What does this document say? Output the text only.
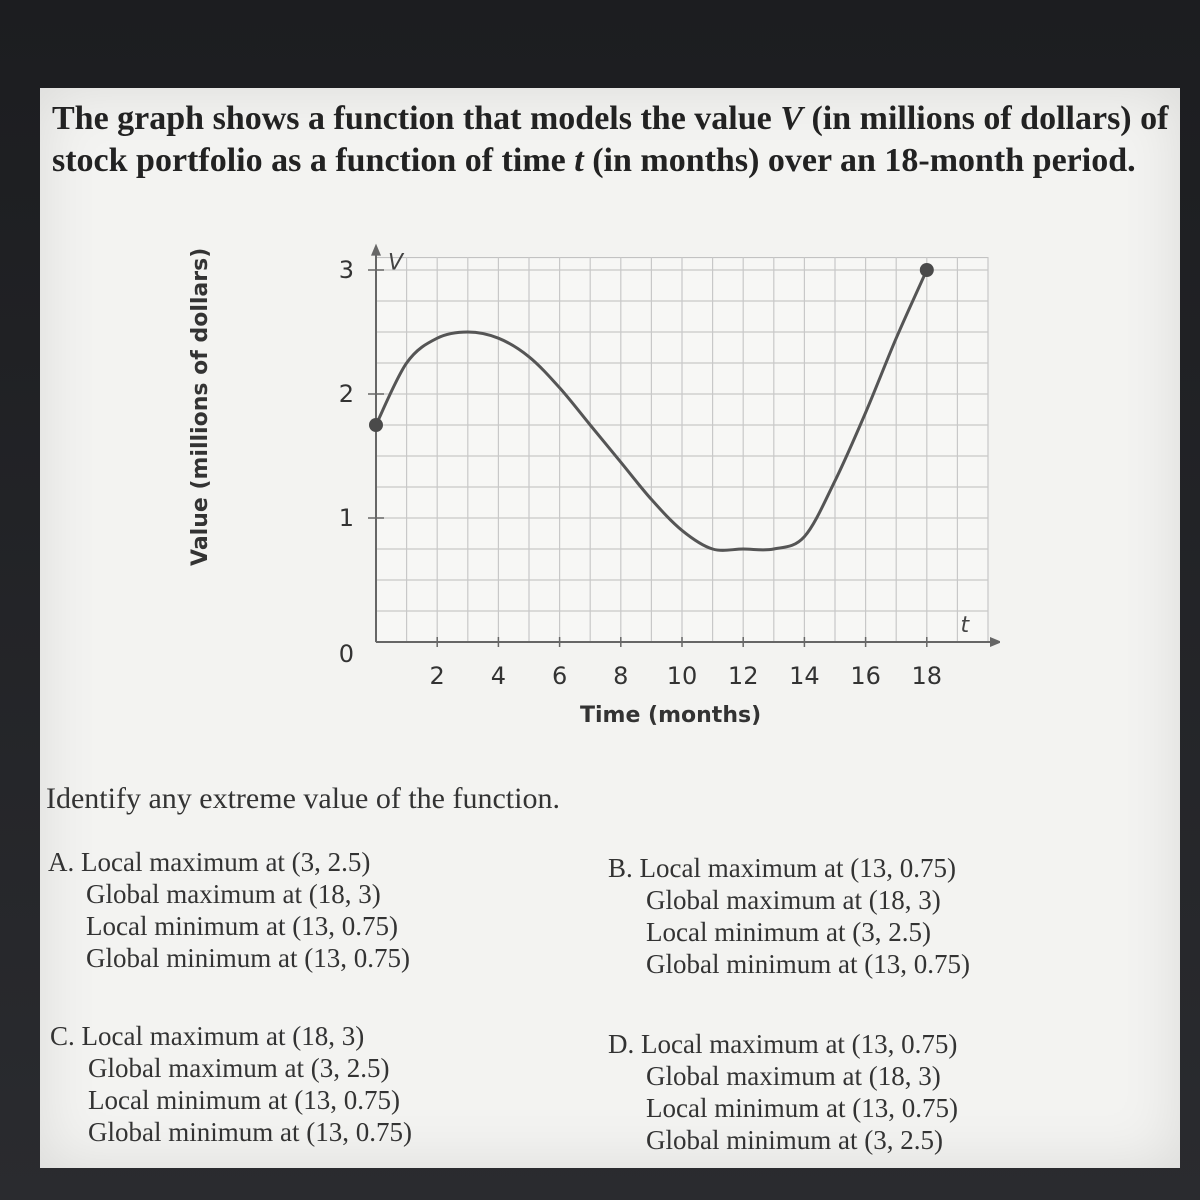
The graph shows a function that models the value V (in millions of dollars) of stock portfolio as a function of time t (in months) over an 18-month period.
Value (millions of dollars)
t
V
2 4 6 8 10 12 14 16 18
1
2
3
0
Time (months)
Identify any extreme value of the function.
A. Local maximum at (3, 2.5)
Global maximum at (18, 3)
Local minimum at (13, 0.75)
Global minimum at (13, 0.75)
B. Local maximum at (13, 0.75)
Global maximum at (18, 3)
Local minimum at (3, 2.5)
Global minimum at (13, 0.75)
C. Local maximum at (18, 3)
Global maximum at (3, 2.5)
Local minimum at (13, 0.75)
Global minimum at (13, 0.75)
D. Local maximum at (13, 0.75)
Global maximum at (18, 3)
Local minimum at (13, 0.75)
Global minimum at (3, 2.5)
